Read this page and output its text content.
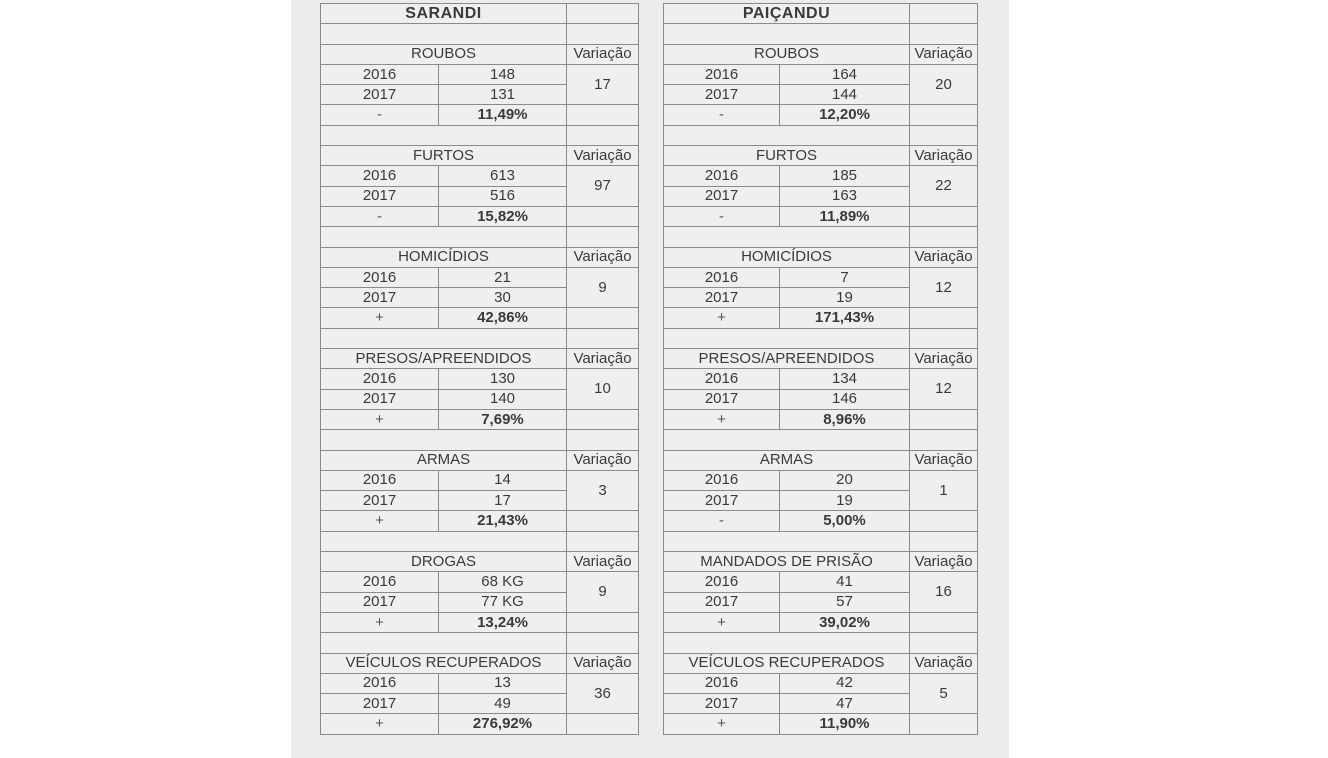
SARANDI		

ROUBOS		Variação
2016	148	17
2017	131	
-	11,49%	

FURTOS		Variação
2016	613	97
2017	516	
-	15,82%	

HOMICÍDIOS		Variação
2016	21	9
2017	30	
+	42,86%	

PRESOS/APREENDIDOS		Variação
2016	130	10
2017	140	
+	7,69%	

ARMAS		Variação
2016	14	3
2017	17	
+	21,43%	

DROGAS		Variação
2016	68 KG	9
2017	77 KG	
+	13,24%	

VEÍCULOS RECUPERADOS		Variação
2016	13	36
2017	49	
+	276,92%	
PAIÇANDU		

ROUBOS		Variação
2016	164	20
2017	144	
-	12,20%	

FURTOS		Variação
2016	185	22
2017	163	
-	11,89%	

HOMICÍDIOS		Variação
2016	7	12
2017	19	
+	171,43%	

PRESOS/APREENDIDOS		Variação
2016	134	12
2017	146	
+	8,96%	

ARMAS		Variação
2016	20	1
2017	19	
-	5,00%	

MANDADOS DE PRISÃO		Variação
2016	41	16
2017	57	
+	39,02%	

VEÍCULOS RECUPERADOS		Variação
2016	42	5
2017	47	
+	11,90%	
